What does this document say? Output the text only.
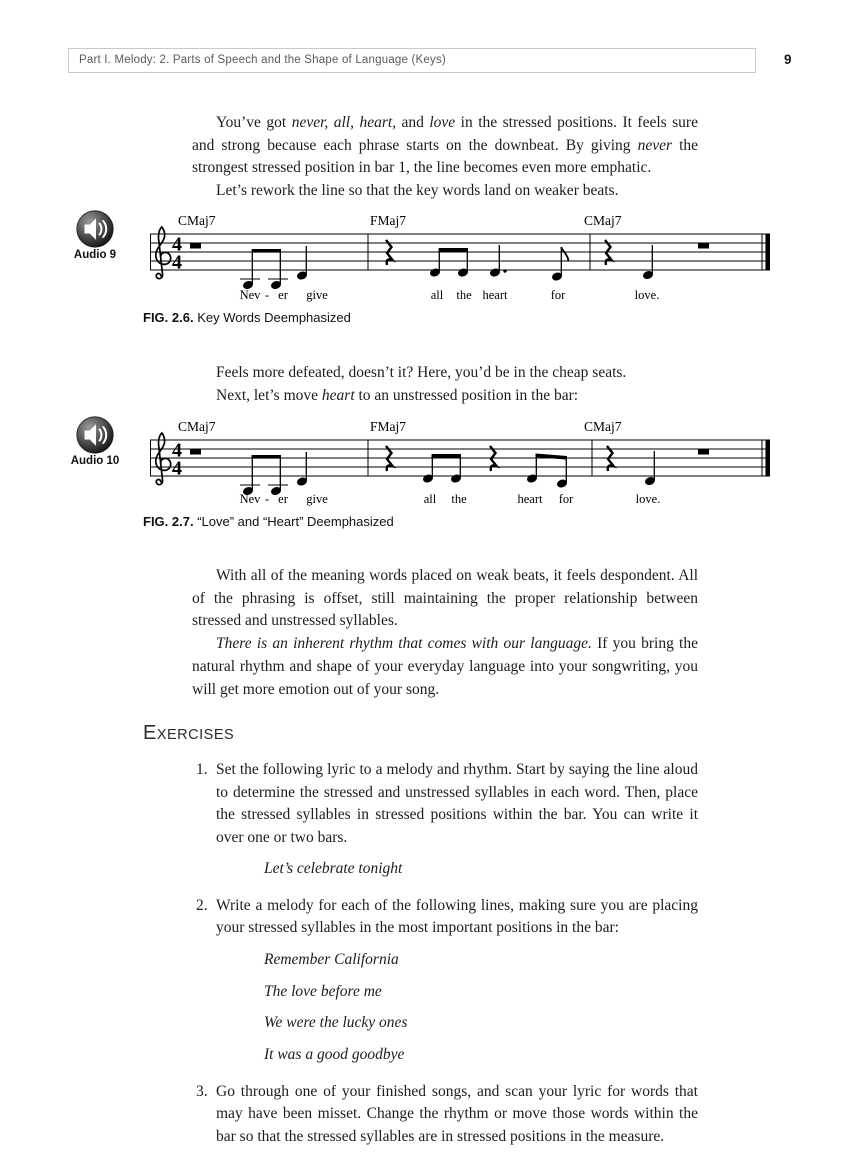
Part I. Melody: 2. Parts of Speech and the Shape of Language (Keys)	9

You’ve got never, all, heart, and love in the stressed positions. It feels sure and strong because each phrase starts on the downbeat. By giving never the strongest stressed position in bar 1, the line becomes even more emphatic.

Let’s rework the line so that the key words land on weaker beats.

Audio 9
CMaj7	FMaj7	CMaj7
4
4
Nev - er give	all the heart	for	love.
FIG. 2.6. Key Words Deemphasized

Feels more defeated, doesn’t it? Here, you’d be in the cheap seats.

Next, let’s move heart to an unstressed position in the bar:

Audio 10
CMaj7	FMaj7	CMaj7
4
4
Nev - er give	all the	heart for	love.
FIG. 2.7. “Love” and “Heart” Deemphasized

With all of the meaning words placed on weak beats, it feels despondent. All of the phrasing is offset, still maintaining the proper relationship between stressed and unstressed syllables.

There is an inherent rhythm that comes with our language. If you bring the natural rhythm and shape of your everyday language into your songwriting, you will get more emotion out of your song.

EXERCISES
1. Set the following lyric to a melody and rhythm. Start by saying the line aloud to determine the stressed and unstressed syllables in each word. Then, place the stressed syllables in stressed positions within the bar. You can write it over one or two bars.
Let’s celebrate tonight
2. Write a melody for each of the following lines, making sure you are placing your stressed syllables in the most important positions in the bar:
Remember California
The love before me
We were the lucky ones
It was a good goodbye
3. Go through one of your finished songs, and scan your lyric for words that may have been misset. Change the rhythm or move those words within the bar so that the stressed syllables are in stressed positions in the measure.
